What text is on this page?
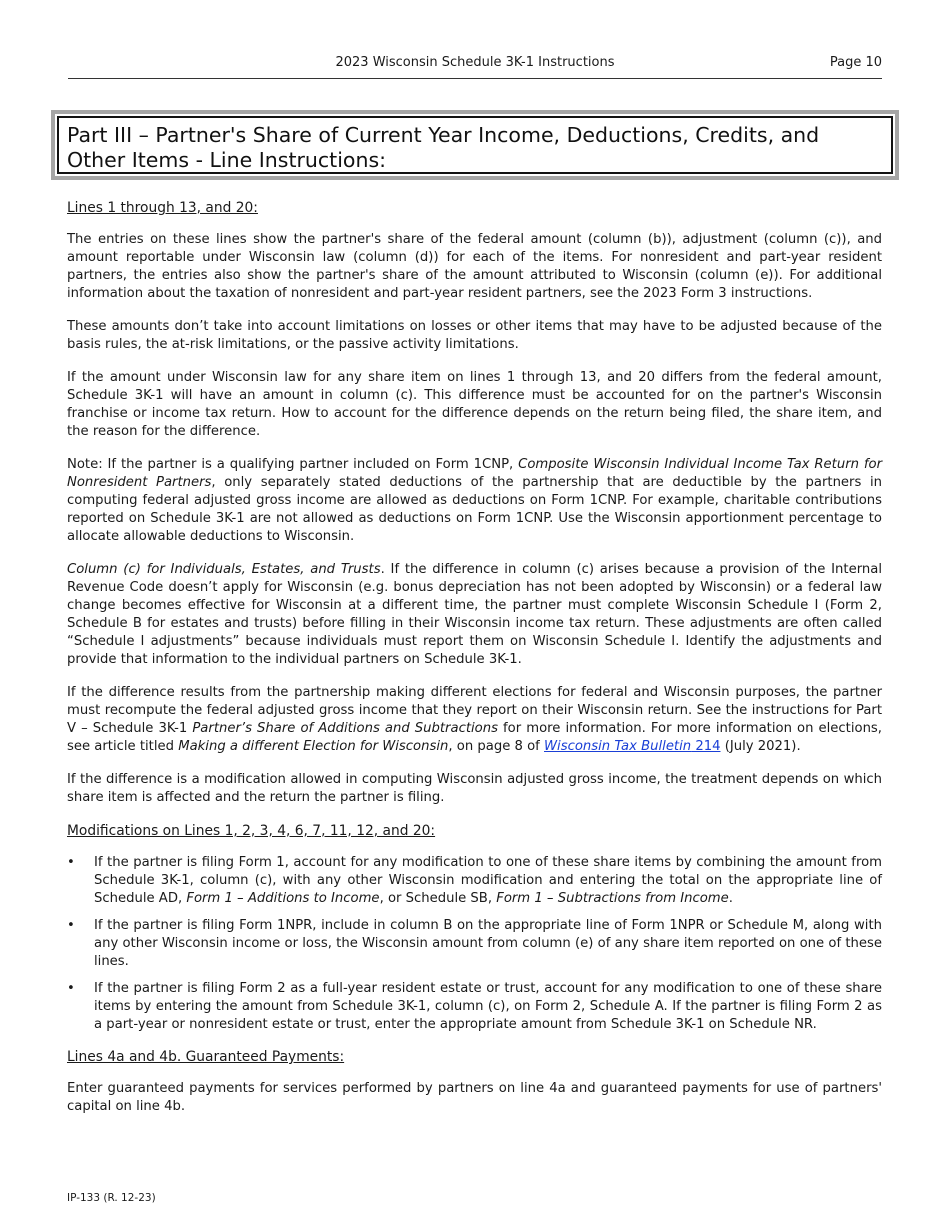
2023 Wisconsin Schedule 3K-1 Instructions	Page 10
Part III – Partner's Share of Current Year Income, Deductions, Credits, and Other Items - Line Instructions:
Lines 1 through 13, and 20:

The entries on these lines show the partner's share of the federal amount (column (b)), adjustment (column (c)), and amount reportable under Wisconsin law (column (d)) for each of the items. For nonresident and part-year resident partners, the entries also show the partner's share of the amount attributed to Wisconsin (column (e)). For additional information about the taxation of nonresident and part-year resident partners, see the 2023 Form 3 instructions.

These amounts don’t take into account limitations on losses or other items that may have to be adjusted because of the basis rules, the at-risk limitations, or the passive activity limitations.

If the amount under Wisconsin law for any share item on lines 1 through 13, and 20 differs from the federal amount, Schedule 3K-1 will have an amount in column (c). This difference must be accounted for on the partner's Wisconsin franchise or income tax return. How to account for the difference depends on the return being filed, the share item, and the reason for the difference.

Note: If the partner is a qualifying partner included on Form 1CNP, Composite Wisconsin Individual Income Tax Return for Nonresident Partners, only separately stated deductions of the partnership that are deductible by the partners in computing federal adjusted gross income are allowed as deductions on Form 1CNP. For example, charitable contributions reported on Schedule 3K-1 are not allowed as deductions on Form 1CNP. Use the Wisconsin apportionment percentage to allocate allowable deductions to Wisconsin.

Column (c) for Individuals, Estates, and Trusts. If the difference in column (c) arises because a provision of the Internal Revenue Code doesn’t apply for Wisconsin (e.g. bonus depreciation has not been adopted by Wisconsin) or a federal law change becomes effective for Wisconsin at a different time, the partner must complete Wisconsin Schedule I (Form 2, Schedule B for estates and trusts) before filling in their Wisconsin income tax return. These adjustments are often called “Schedule I adjustments” because individuals must report them on Wisconsin Schedule I. Identify the adjustments and provide that information to the individual partners on Schedule 3K-1.

If the difference results from the partnership making different elections for federal and Wisconsin purposes, the partner must recompute the federal adjusted gross income that they report on their Wisconsin return. See the instructions for Part V – Schedule 3K-1 Partner’s Share of Additions and Subtractions for more information. For more information on elections, see article titled Making a different Election for Wisconsin, on page 8 of Wisconsin Tax Bulletin 214 (July 2021).

If the difference is a modification allowed in computing Wisconsin adjusted gross income, the treatment depends on which share item is affected and the return the partner is filing.

Modifications on Lines 1, 2, 3, 4, 6, 7, 11, 12, and 20:
• If the partner is filing Form 1, account for any modification to one of these share items by combining the amount from Schedule 3K-1, column (c), with any other Wisconsin modification and entering the total on the appropriate line of Schedule AD, Form 1 – Additions to Income, or Schedule SB, Form 1 – Subtractions from Income.
• If the partner is filing Form 1NPR, include in column B on the appropriate line of Form 1NPR or Schedule M, along with any other Wisconsin income or loss, the Wisconsin amount from column (e) of any share item reported on one of these lines.
• If the partner is filing Form 2 as a full-year resident estate or trust, account for any modification to one of these share items by entering the amount from Schedule 3K-1, column (c), on Form 2, Schedule A. If the partner is filing Form 2 as a part-year or nonresident estate or trust, enter the appropriate amount from Schedule 3K-1 on Schedule NR.
Lines 4a and 4b. Guaranteed Payments:

Enter guaranteed payments for services performed by partners on line 4a and guaranteed payments for use of partners' capital on line 4b.

IP-133 (R. 12-23)
